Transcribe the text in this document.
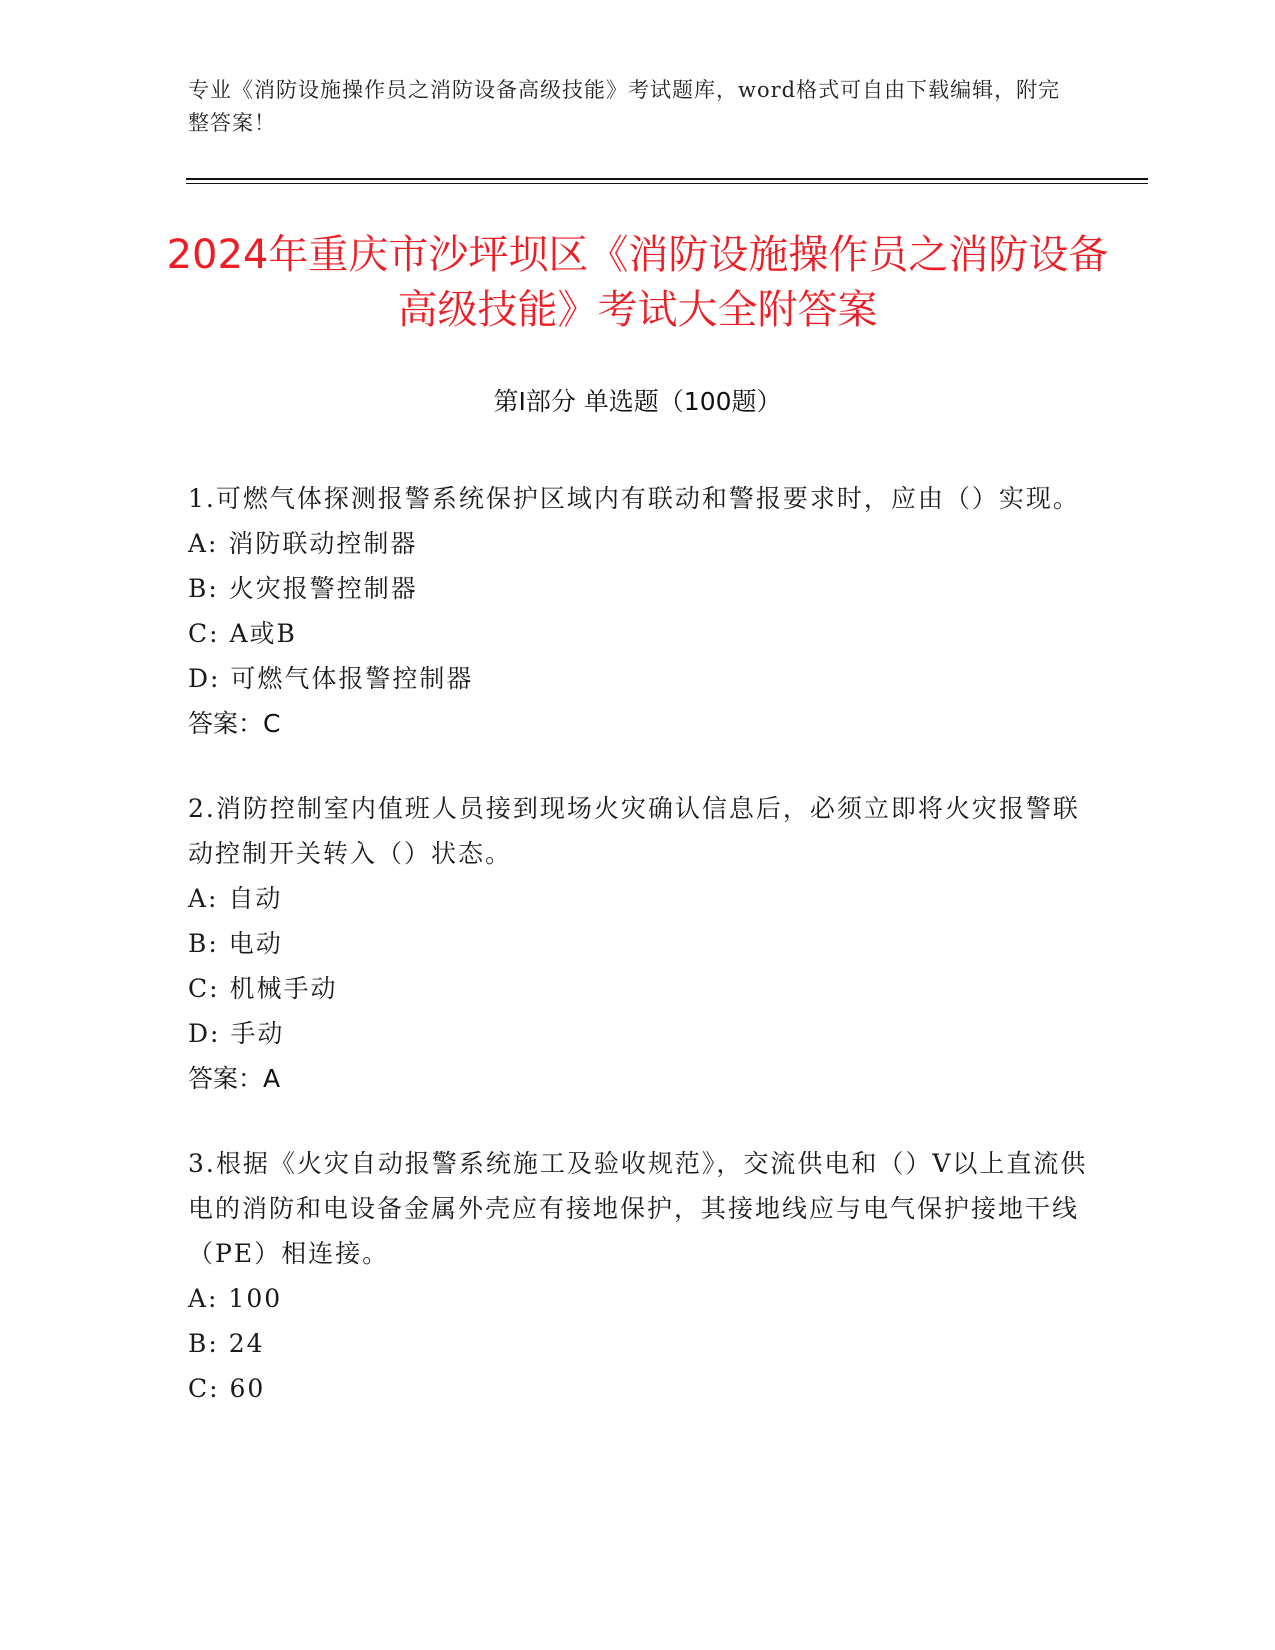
专业《消防设施操作员之消防设备高级技能》考试题库，word格式可自由下载编辑，附完整答案！
2024年重庆市沙坪坝区《消防设施操作员之消防设备高级技能》考试大全附答案
第I部分 单选题（100题）
1.可燃气体探测报警系统保护区域内有联动和警报要求时，应由（）实现。
A: 消防联动控制器
B: 火灾报警控制器
C: A或B
D: 可燃气体报警控制器
答案：C
2.消防控制室内值班人员接到现场火灾确认信息后，必须立即将火灾报警联动控制开关转入（）状态。
A: 自动
B: 电动
C: 机械手动
D: 手动
答案：A
3.根据《火灾自动报警系统施工及验收规范》，交流供电和（）V以上直流供电的消防和电设备金属外壳应有接地保护，其接地线应与电气保护接地干线（PE）相连接。
A: 100
B: 24
C: 60
